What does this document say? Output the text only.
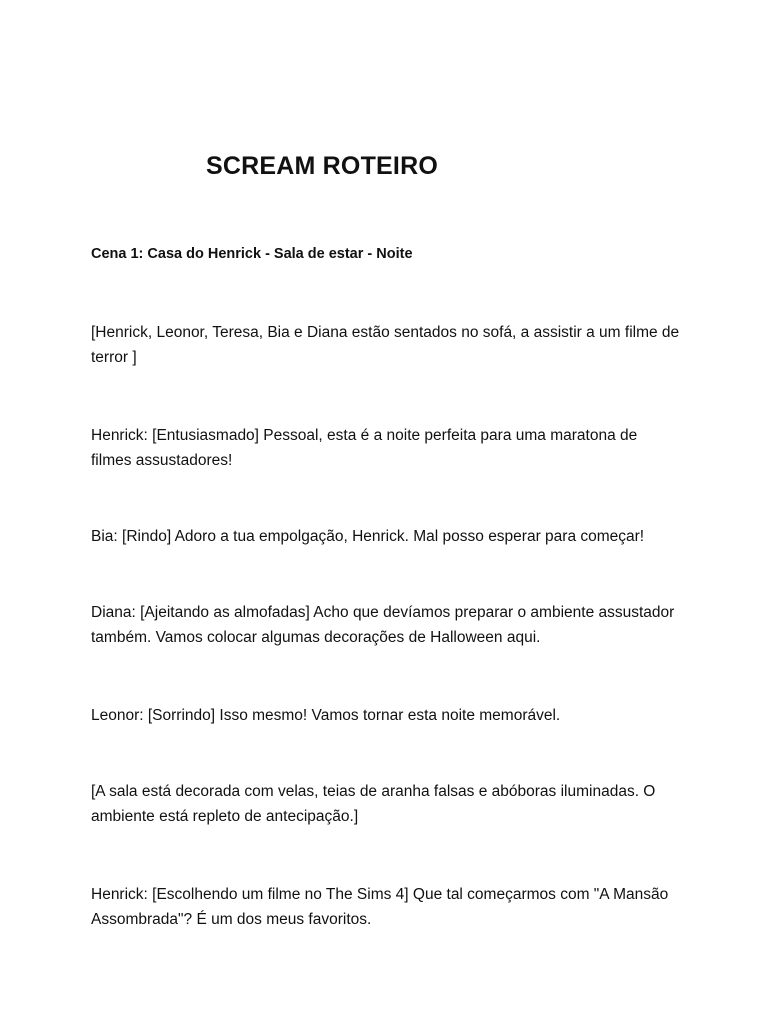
SCREAM ROTEIRO

Cena 1: Casa do Henrick - Sala de estar - Noite

[Henrick, Leonor, Teresa, Bia e Diana estão sentados no sofá, a assistir a um filme de terror ]

Henrick: [Entusiasmado] Pessoal, esta é a noite perfeita para uma maratona de filmes assustadores!

Bia: [Rindo] Adoro a tua empolgação, Henrick. Mal posso esperar para começar!

Diana: [Ajeitando as almofadas] Acho que devíamos preparar o ambiente assustador também. Vamos colocar algumas decorações de Halloween aqui.

Leonor: [Sorrindo] Isso mesmo! Vamos tornar esta noite memorável.

[A sala está decorada com velas, teias de aranha falsas e abóboras iluminadas. O ambiente está repleto de antecipação.]

Henrick: [Escolhendo um filme no The Sims 4] Que tal começarmos com "A Mansão Assombrada"? É um dos meus favoritos.
